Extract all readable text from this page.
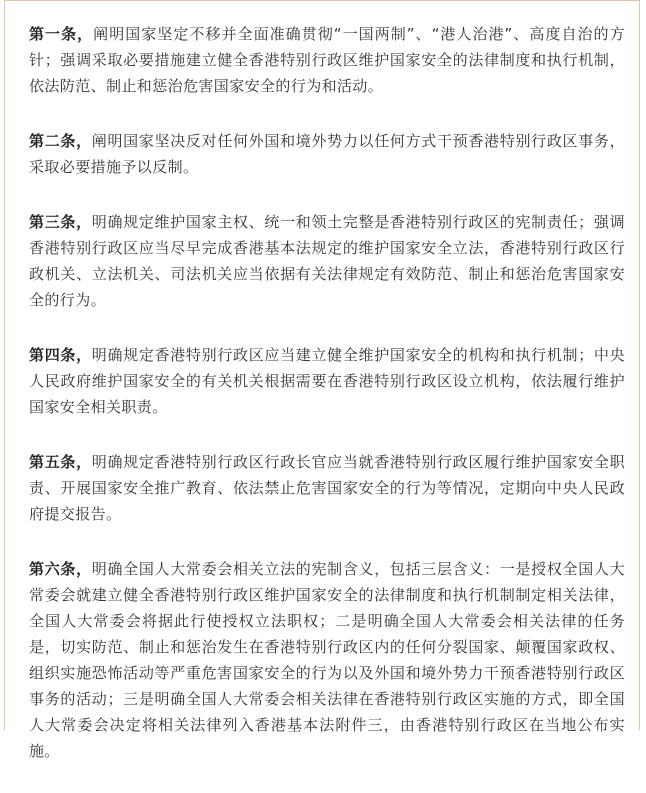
第一条，阐明国家坚定不移并全面准确贯彻“一国两制”、“港人治港”、高度自治的方针；强调采取必要措施建立健全香港特别行政区维护国家安全的法律制度和执行机制，依法防范、制止和惩治危害国家安全的行为和活动。

第二条，阐明国家坚决反对任何外国和境外势力以任何方式干预香港特别行政区事务，采取必要措施予以反制。

第三条，明确规定维护国家主权、统一和领土完整是香港特别行政区的宪制责任；强调香港特别行政区应当尽早完成香港基本法规定的维护国家安全立法，香港特别行政区行政机关、立法机关、司法机关应当依据有关法律规定有效防范、制止和惩治危害国家安全的行为。

第四条，明确规定香港特别行政区应当建立健全维护国家安全的机构和执行机制；中央人民政府维护国家安全的有关机关根据需要在香港特别行政区设立机构，依法履行维护国家安全相关职责。

第五条，明确规定香港特别行政区行政长官应当就香港特别行政区履行维护国家安全职责、开展国家安全推广教育、依法禁止危害国家安全的行为等情况，定期向中央人民政府提交报告。

第六条，明确全国人大常委会相关立法的宪制含义，包括三层含义：一是授权全国人大常委会就建立健全香港特别行政区维护国家安全的法律制度和执行机制制定相关法律，全国人大常委会将据此行使授权立法职权；二是明确全国人大常委会相关法律的任务是，切实防范、制止和惩治发生在香港特别行政区内的任何分裂国家、颠覆国家政权、组织实施恐怖活动等严重危害国家安全的行为以及外国和境外势力干预香港特别行政区事务的活动；三是明确全国人大常委会相关法律在香港特别行政区实施的方式，即全国人大常委会决定将相关法律列入香港基本法附件三，由香港特别行政区在当地公布实施。
